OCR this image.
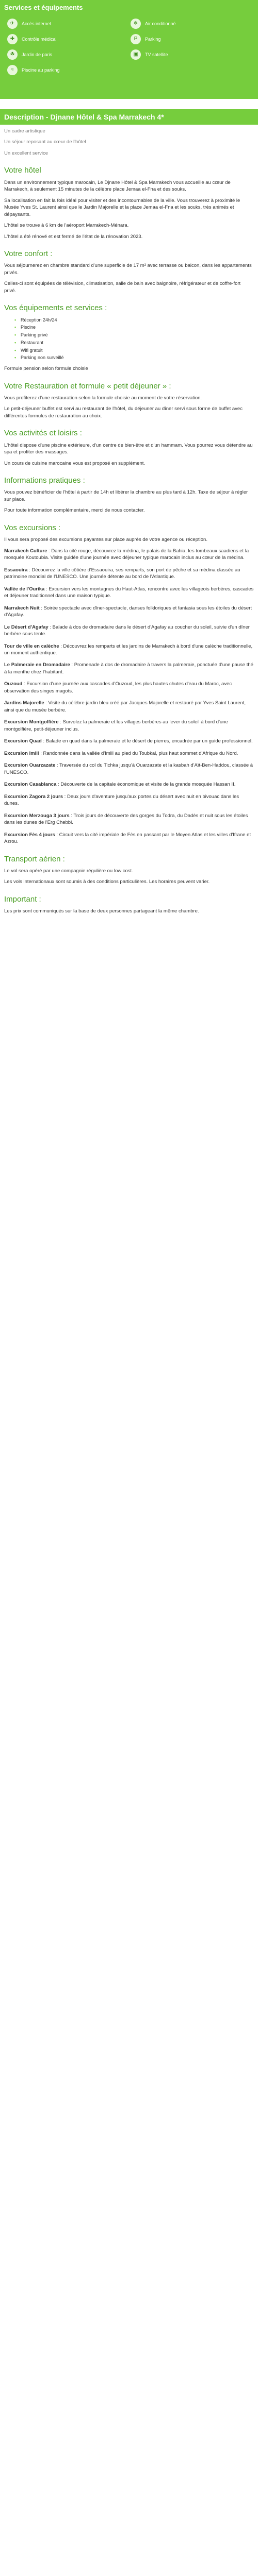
Services et équipements
✈	Accès internet	❄	Air conditionné
✚	Contrôle médical	P	Parking
☘	Jardin de paris	▣	TV satellite
≈	Piscine au parking
Description - Djnane Hôtel & Spa Marrakech 4*

Un cadre artistique

Un séjour reposant au cœur de l'hôtel

Un excellent service

Votre hôtel

Dans un environnement typique marocain, Le Djnane Hôtel & Spa Marrakech vous accueille au cœur de Marrakech, à seulement 15 minutes de la célèbre place Jemaa el-Fna et des souks.

Sa localisation en fait la fois idéal pour visiter et des incontournables de la ville. Vous trouverez à proximité le Musée Yves St. Laurent ainsi que le Jardin Majorelle et la place Jemaa el-Fna et les souks, très animés et dépaysants.

L'hôtel se trouve à 6 km de l'aéroport Marrakech-Ménara.

L'hôtel a été rénové et est fermé de l'état de la rénovation 2023.

Votre confort :

Vous séjournerez en chambre standard d'une superficie de 17 m² avec terrasse ou balcon, dans les appartements privés.

Celles-ci sont équipées de télévision, climatisation, salle de bain avec baignoire, réfrigérateur et de coffre-fort privé.

Vos équipements et services :
• Réception 24h/24
• Piscine
• Parking privé
• Restaurant
• Wifi gratuit
• Parking non surveillé

Formule pension selon formule choisie

Votre Restauration et formule « petit déjeuner » :

Vous profiterez d'une restauration selon la formule choisie au moment de votre réservation.

Le petit-déjeuner buffet est servi au restaurant de l'hôtel, du déjeuner au dîner servi sous forme de buffet avec différentes formules de restauration au choix.

Vos activités et loisirs :

L'hôtel dispose d'une piscine extérieure, d'un centre de bien-être et d'un hammam. Vous pourrez vous détendre au spa et profiter des massages.

Un cours de cuisine marocaine vous est proposé en supplément.

Informations pratiques :

Vous pouvez bénéficier de l'hôtel à partir de 14h et libérer la chambre au plus tard à 12h. Taxe de séjour à régler sur place.

Pour toute information complémentaire, merci de nous contacter.

Vos excursions :

Il vous sera proposé des excursions payantes sur place auprès de votre agence ou réception.

Marrakech Culture : Dans la cité rouge, découvrez la médina, le palais de la Bahia, les tombeaux saadiens et la mosquée Koutoubia. Visite guidée d'une journée avec déjeuner typique marocain inclus au cœur de la médina.

Essaouira : Découvrez la ville côtière d'Essaouira, ses remparts, son port de pêche et sa médina classée au patrimoine mondial de l'UNESCO. Une journée détente au bord de l'Atlantique.

Vallée de l'Ourika : Excursion vers les montagnes du Haut-Atlas, rencontre avec les villageois berbères, cascades et déjeuner traditionnel dans une maison typique.

Marrakech Nuit : Soirée spectacle avec dîner-spectacle, danses folkloriques et fantasia sous les étoiles du désert d'Agafay.

Le Désert d'Agafay : Balade à dos de dromadaire dans le désert d'Agafay au coucher du soleil, suivie d'un dîner berbère sous tente.

Tour de ville en calèche : Découvrez les remparts et les jardins de Marrakech à bord d'une calèche traditionnelle, un moment authentique.

Le Palmeraie en Dromadaire : Promenade à dos de dromadaire à travers la palmeraie, ponctuée d'une pause thé à la menthe chez l'habitant.

Ouzoud : Excursion d'une journée aux cascades d'Ouzoud, les plus hautes chutes d'eau du Maroc, avec observation des singes magots.

Jardins Majorelle : Visite du célèbre jardin bleu créé par Jacques Majorelle et restauré par Yves Saint Laurent, ainsi que du musée berbère.

Excursion Montgolfière : Survolez la palmeraie et les villages berbères au lever du soleil à bord d'une montgolfière, petit-déjeuner inclus.

Excursion Quad : Balade en quad dans la palmeraie et le désert de pierres, encadrée par un guide professionnel.

Excursion Imlil : Randonnée dans la vallée d'Imlil au pied du Toubkal, plus haut sommet d'Afrique du Nord.

Excursion Ouarzazate : Traversée du col du Tichka jusqu'à Ouarzazate et la kasbah d'Aït-Ben-Haddou, classée à l'UNESCO.

Excursion Casablanca : Découverte de la capitale économique et visite de la grande mosquée Hassan II.

Excursion Zagora 2 jours : Deux jours d'aventure jusqu'aux portes du désert avec nuit en bivouac dans les dunes.

Excursion Merzouga 3 jours : Trois jours de découverte des gorges du Todra, du Dadès et nuit sous les étoiles dans les dunes de l'Erg Chebbi.

Excursion Fès 4 jours : Circuit vers la cité impériale de Fès en passant par le Moyen Atlas et les villes d'Ifrane et Azrou.

Transport aérien :

Le vol sera opéré par une compagnie régulière ou low cost.

Les vols internationaux sont soumis à des conditions particulières. Les horaires peuvent varier.

Important :

Les prix sont communiqués sur la base de deux personnes partageant la même chambre.
